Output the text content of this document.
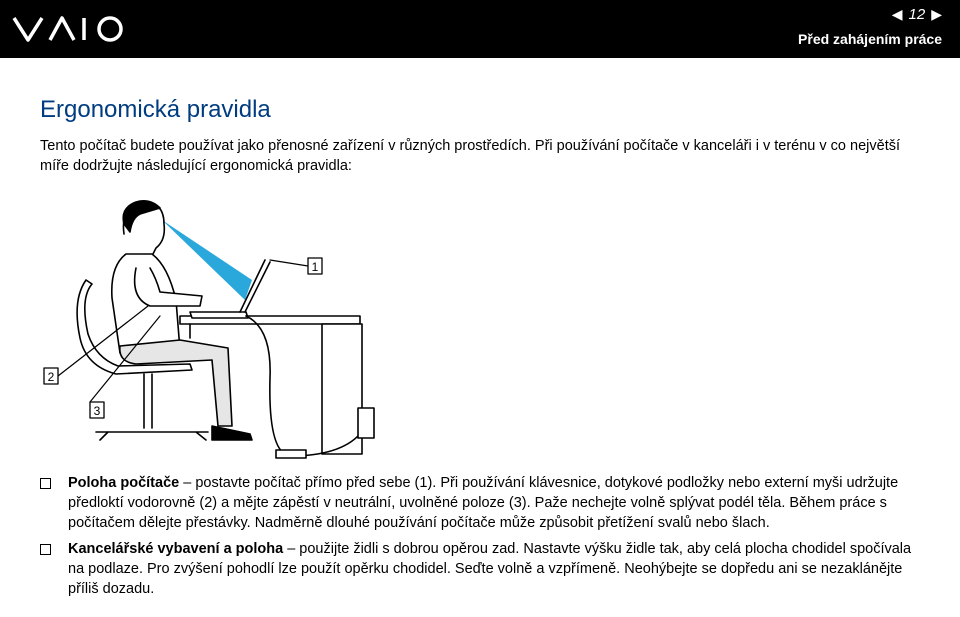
◀ 12 ▶
Před zahájením práce
Ergonomická pravidla

Tento počítač budete používat jako přenosné zařízení v různých prostředích. Při používání počítače v kanceláři i v terénu v co největší míře dodržujte následující ergonomická pravidla:

1
2
3
Poloha počítače – postavte počítač přímo před sebe (1). Při používání klávesnice, dotykové podložky nebo externí myši udržujte předloktí vodorovně (2) a mějte zápěstí v neutrální, uvolněné poloze (3). Paže nechejte volně splývat podél těla. Během práce s počítačem dělejte přestávky. Nadměrně dlouhé používání počítače může způsobit přetížení svalů nebo šlach.
Kancelářské vybavení a poloha – použijte židli s dobrou opěrou zad. Nastavte výšku židle tak, aby celá plocha chodidel spočívala na podlaze. Pro zvýšení pohodlí lze použít opěrku chodidel. Seďte volně a vzpřímeně. Neohýbejte se dopředu ani se nezaklánějte příliš dozadu.
